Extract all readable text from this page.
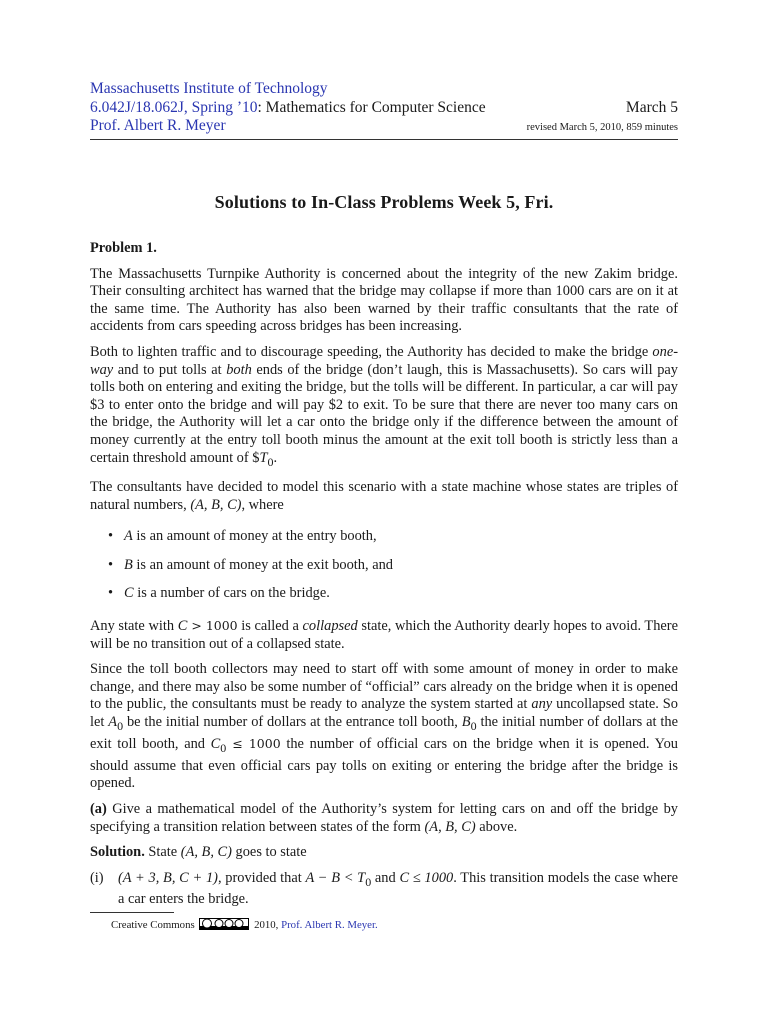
Massachusetts Institute of Technology
6.042J/18.062J, Spring ’10: Mathematics for Computer Science	March 5
Prof. Albert R. Meyer	revised March 5, 2010, 859 minutes
Solutions to In-Class Problems Week 5, Fri.

Problem 1.

The Massachusetts Turnpike Authority is concerned about the integrity of the new Zakim bridge. Their consulting architect has warned that the bridge may collapse if more than 1000 cars are on it at the same time. The Authority has also been warned by their traffic consultants that the rate of accidents from cars speeding across bridges has been increasing.

Both to lighten traffic and to discourage speeding, the Authority has decided to make the bridge one-way and to put tolls at both ends of the bridge (don’t laugh, this is Massachusetts). So cars will pay tolls both on entering and exiting the bridge, but the tolls will be different. In particular, a car will pay $3 to enter onto the bridge and will pay $2 to exit. To be sure that there are never too many cars on the bridge, the Authority will let a car onto the bridge only if the difference between the amount of money currently at the entry toll booth minus the amount at the exit toll booth is strictly less than a certain threshold amount of $\$T_0$.

The consultants have decided to model this scenario with a state machine whose states are triples of natural numbers, (A, B, C), where

• A is an amount of money at the entry booth,
• B is an amount of money at the exit booth, and
• C is a number of cars on the bridge.

Any state with C > 1000 is called a collapsed state, which the Authority dearly hopes to avoid. There will be no transition out of a collapsed state.

Since the toll booth collectors may need to start off with some amount of money in order to make change, and there may also be some number of “official” cars already on the bridge when it is opened to the public, the consultants must be ready to analyze the system started at any uncollapsed state. So let $A_0$ be the initial number of dollars at the entrance toll booth, $B_0$ the initial number of dollars at the exit toll booth, and $C_0 \le 1000$ the number of official cars on the bridge when it is opened. You should assume that even official cars pay tolls on exiting or entering the bridge after the bridge is opened.

(a) Give a mathematical model of the Authority’s system for letting cars on and off the bridge by specifying a transition relation between states of the form (A, B, C) above.

Solution. State (A, B, C) goes to state

(i)	(A + 3, B, C + 1), provided that $A - B < T_0$ and C ≤ 1000. This transition models the case where a car enters the bridge.
Creative Commons	2010, Prof. Albert R. Meyer.
